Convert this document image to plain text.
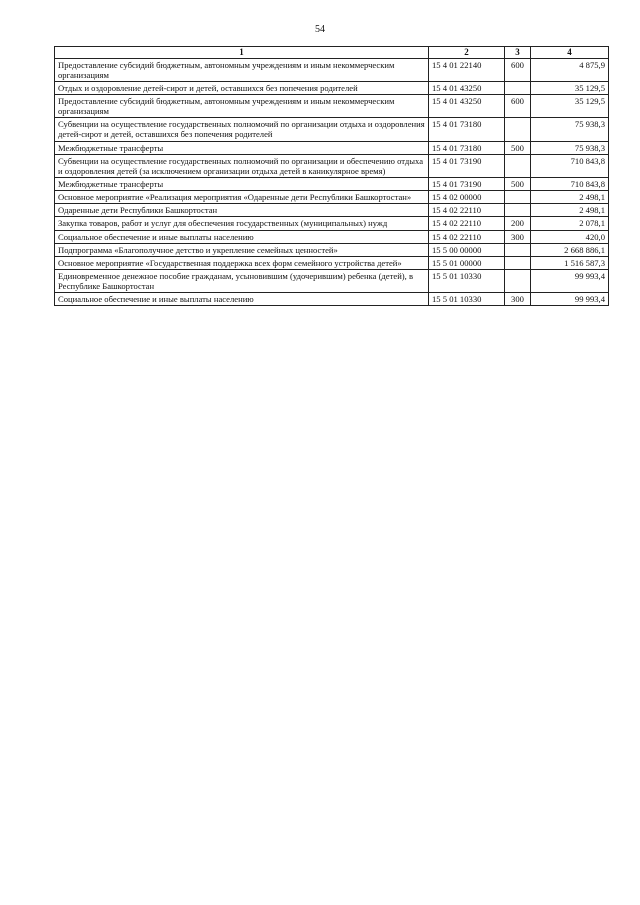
54
1	2	3	4
Предоставление субсидий бюджетным, автономным учреждениям и иным некоммерческим организациям	15 4 01 22140	600	4 875,9
Отдых и оздоровление детей-сирот и детей, оставшихся без попечения родителей	15 4 01 43250		35 129,5
Предоставление субсидий бюджетным, автономным учреждениям и иным некоммерческим организациям	15 4 01 43250	600	35 129,5
Субвенции на осуществление государственных полномочий по организации отдыха и оздоровления детей-сирот и детей, оставшихся без попечения родителей	15 4 01 73180		75 938,3
Межбюджетные трансферты	15 4 01 73180	500	75 938,3
Субвенции на осуществление государственных полномочий по организации и обеспечению отдыха и оздоровления детей (за исключением организации отдыха детей в каникулярное время)	15 4 01 73190		710 843,8
Межбюджетные трансферты	15 4 01 73190	500	710 843,8
Основное мероприятие «Реализация мероприятия «Одаренные дети Республики Башкортостан»	15 4 02 00000		2 498,1
Одаренные дети Республики Башкортостан	15 4 02 22110		2 498,1
Закупка товаров, работ и услуг для обеспечения государственных (муниципальных) нужд	15 4 02 22110	200	2 078,1
Социальное обеспечение и иные выплаты населению	15 4 02 22110	300	420,0
Подпрограмма «Благополучное детство и укрепление семейных ценностей»	15 5 00 00000		2 668 886,1
Основное мероприятие «Государственная поддержка всех форм семейного устройства детей»	15 5 01 00000		1 516 587,3
Единовременное денежное пособие гражданам, усыновившим (удочерившим) ребенка (детей), в Республике Башкортостан	15 5 01 10330		99 993,4
Социальное обеспечение и иные выплаты населению	15 5 01 10330	300	99 993,4
